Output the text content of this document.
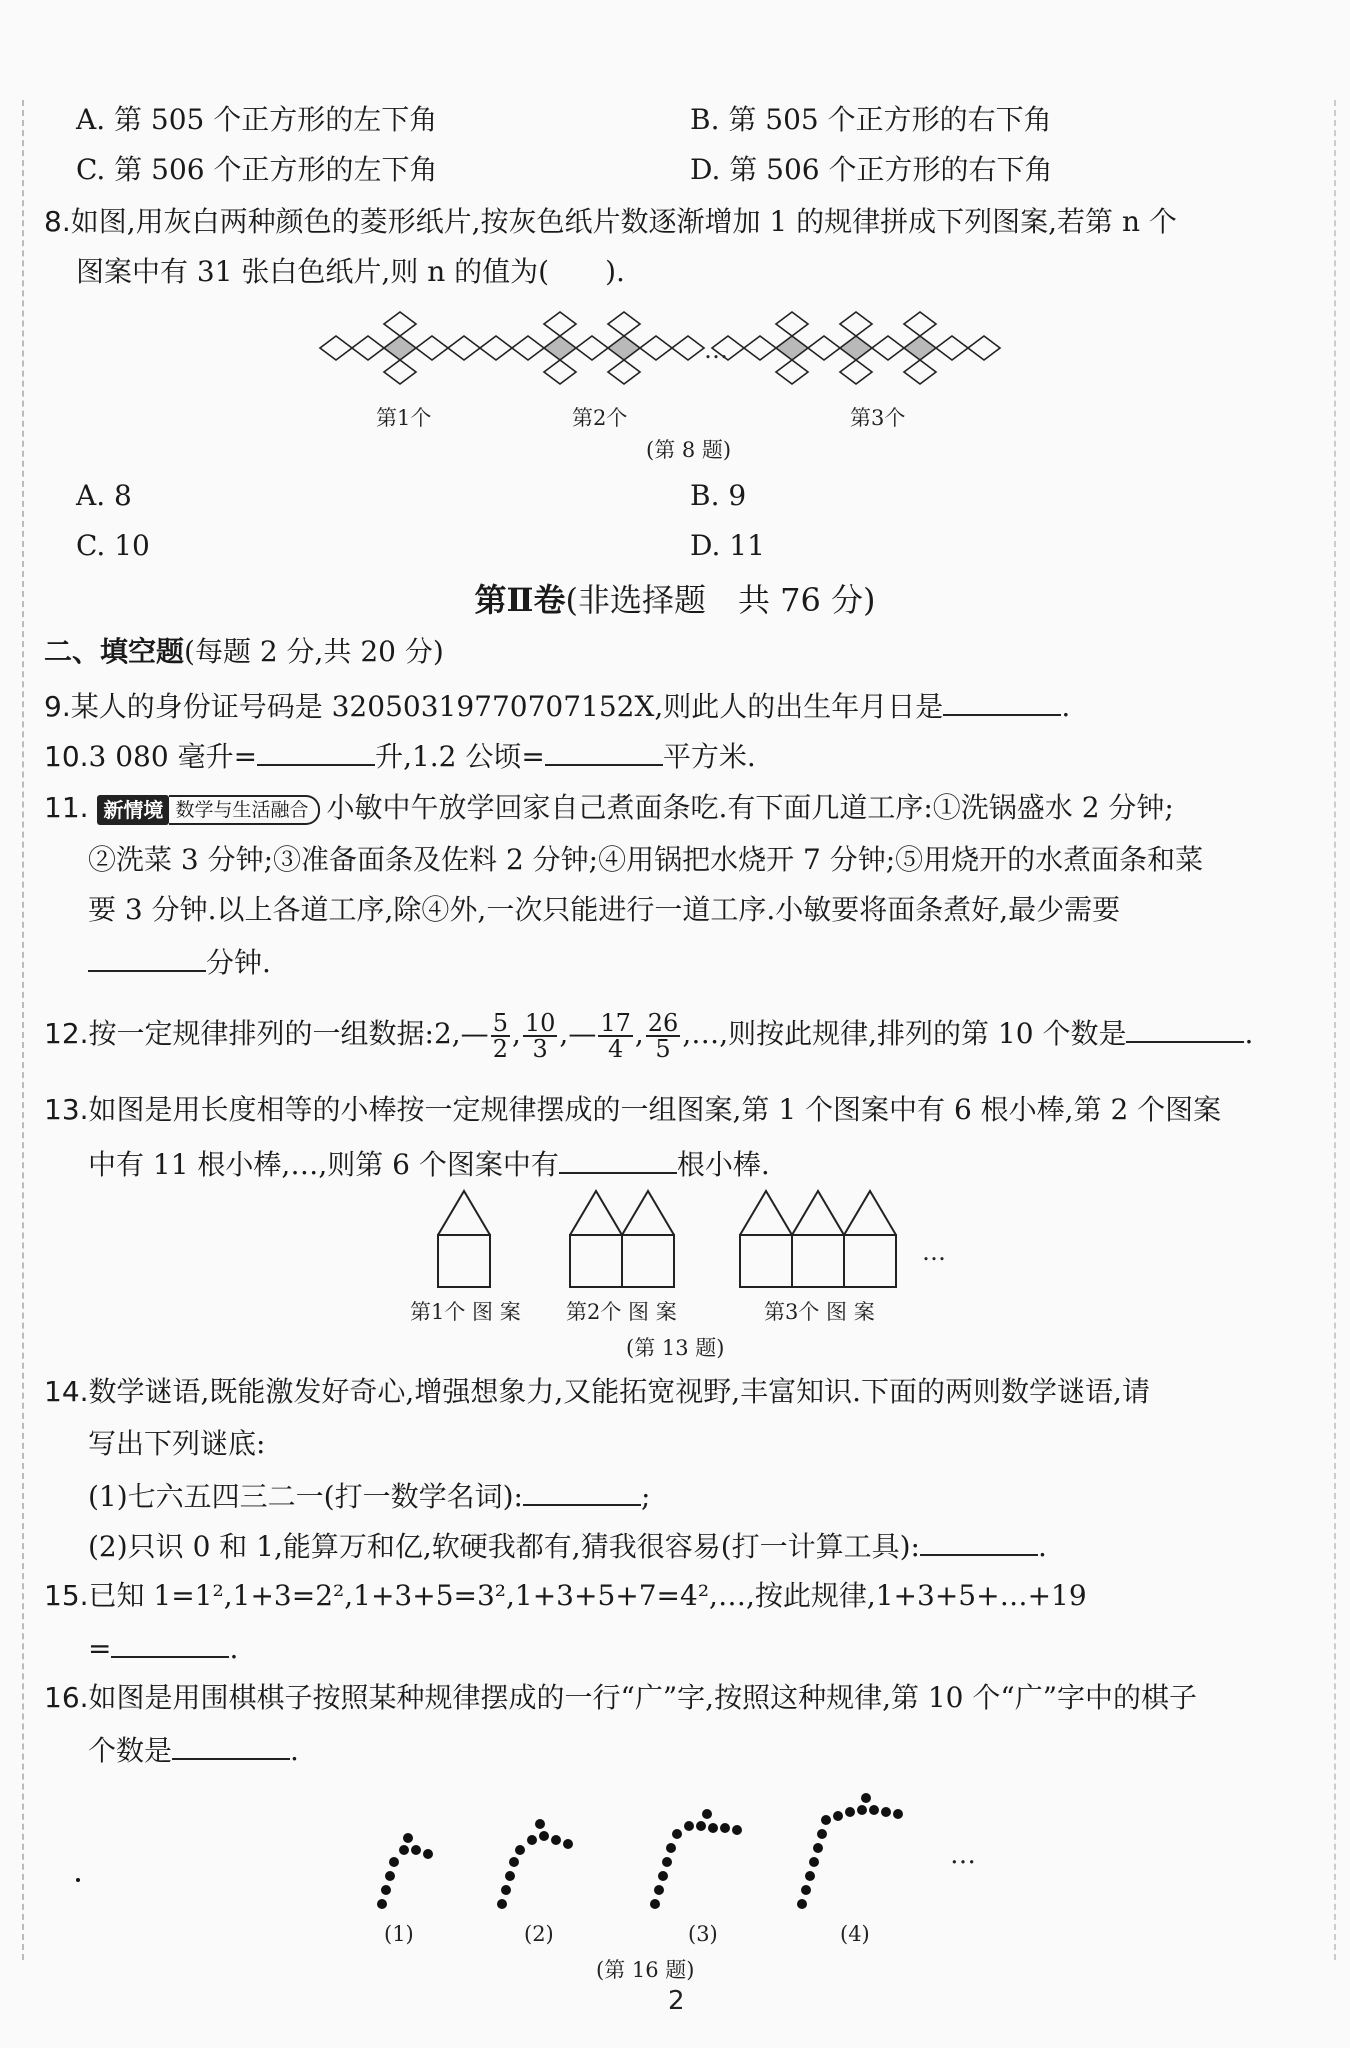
A. 第 505 个正方形的左下角	B. 第 505 个正方形的右下角
C. 第 506 个正方形的左下角	D. 第 506 个正方形的右下角
8.如图,用灰白两种颜色的菱形纸片,按灰色纸片数逐渐增加 1 的规律拼成下列图案,若第 n 个
图案中有 31 张白色纸片,则 n 的值为(　　).
…
第1个	第2个	第3个
(第 8 题)
A. 8	B. 9
C. 10	D. 11
第Ⅱ卷(非选择题　共 76 分)
二、填空题(每题 2 分,共 20 分)
9.某人的身份证号码是 32050319770707152X,则此人的出生年月日是	.
10.3 080 毫升=	升,1.2 公顷=	平方米.
11. 新情境 数学与生活融合 小敏中午放学回家自己煮面条吃.有下面几道工序:①洗锅盛水 2 分钟;
②洗菜 3 分钟;③准备面条及佐料 2 分钟;④用锅把水烧开 7 分钟;⑤用烧开的水煮面条和菜
要 3 分钟.以上各道工序,除④外,一次只能进行一道工序.小敏要将面条煮好,最少需要
分钟.
12.按一定规律排列的一组数据:2,— $\frac{5}{2}$ , $\frac{10}{3}$ ,— $\frac{17}{4}$ , $\frac{26}{5}$ ,…,则按此规律,排列的第 10 个数是	.
13.如图是用长度相等的小棒按一定规律摆成的一组图案,第 1 个图案中有 6 根小棒,第 2 个图案
中有 11 根小棒,…,则第 6 个图案中有	根小棒.
…
第1个 图 案 第2个 图 案	第3个 图 案
(第 13 题)
14.数学谜语,既能激发好奇心,增强想象力,又能拓宽视野,丰富知识.下面的两则数学谜语,请
写出下列谜底:
(1)七六五四三二一(打一数学名词):	;
(2)只识 0 和 1,能算万和亿,软硬我都有,猜我很容易(打一计算工具):	.
15.已知 1=1²,1+3=2²,1+3+5=3²,1+3+5+7=4²,…,按此规律,1+3+5+…+19
=	.
16.如图是用围棋棋子按照某种规律摆成的一行“广”字,按照这种规律,第 10 个“广”字中的棋子
个数是	.
…
(1)	(2)	(3)	(4)
(第 16 题)
2
